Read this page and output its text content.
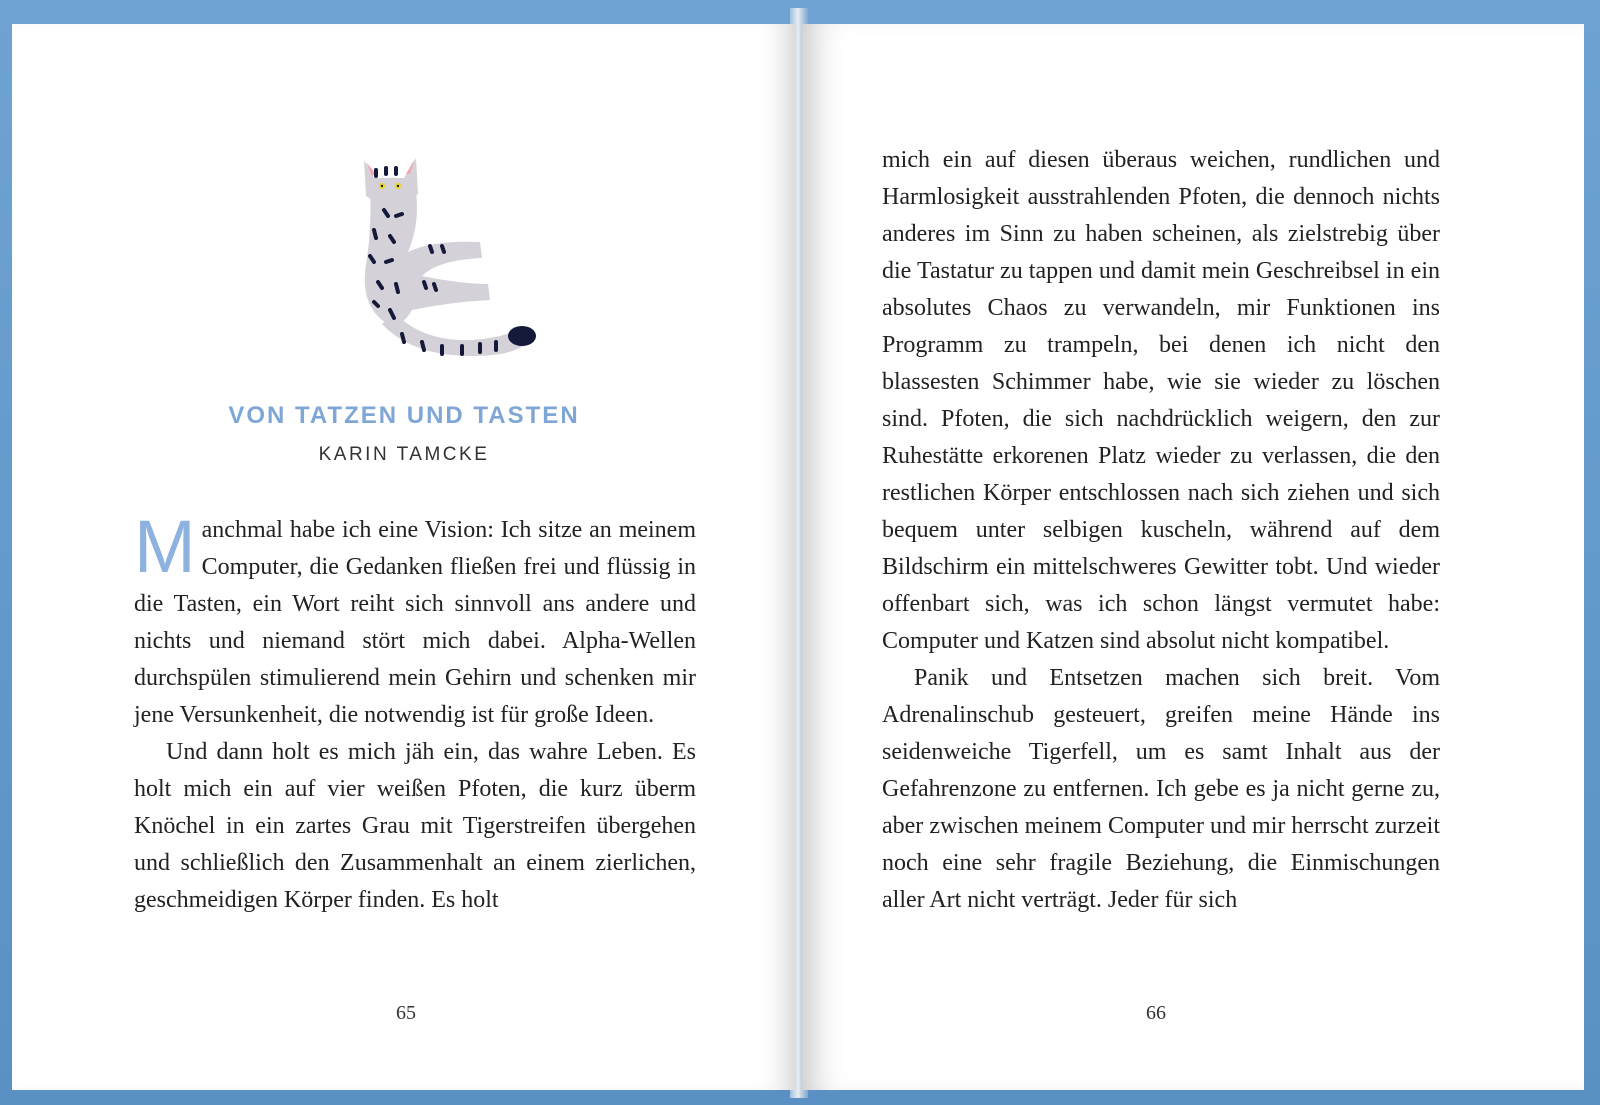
VON TATZEN UND TASTEN
KARIN TAMCKE

Manchmal habe ich eine Vision: Ich sitze an meinem Computer, die Gedanken fließen frei und flüssig in die Tasten, ein Wort reiht sich sinnvoll ans andere und nichts und niemand stört mich dabei. Alpha-Wellen durchspülen stimulierend mein Gehirn und schenken mir jene Versunkenheit, die notwendig ist für große Ideen.

Und dann holt es mich jäh ein, das wahre Leben. Es holt mich ein auf vier weißen Pfoten, die kurz überm Knöchel in ein zartes Grau mit Tigerstreifen übergehen und schließlich den Zusammenhalt an einem zierlichen, geschmeidigen Körper finden. Es holt

65

mich ein auf diesen überaus weichen, rundlichen und Harmlosigkeit ausstrahlenden Pfoten, die dennoch nichts anderes im Sinn zu haben scheinen, als zielstrebig über die Tastatur zu tappen und damit mein Geschreibsel in ein absolutes Chaos zu verwandeln, mir Funktionen ins Programm zu trampeln, bei denen ich nicht den blassesten Schimmer habe, wie sie wieder zu löschen sind. Pfoten, die sich nachdrücklich weigern, den zur Ruhestätte erkorenen Platz wieder zu verlassen, die den restlichen Körper entschlossen nach sich ziehen und sich bequem unter selbigen kuscheln, während auf dem Bildschirm ein mittelschweres Gewitter tobt. Und wieder offenbart sich, was ich schon längst vermutet habe: Computer und Katzen sind absolut nicht kompatibel.

Panik und Entsetzen machen sich breit. Vom Adrenalinschub gesteuert, greifen meine Hände ins seidenweiche Tigerfell, um es samt Inhalt aus der Gefahrenzone zu entfernen. Ich gebe es ja nicht gerne zu, aber zwischen meinem Computer und mir herrscht zurzeit noch eine sehr fragile Beziehung, die Einmischungen aller Art nicht verträgt. Jeder für sich

66
